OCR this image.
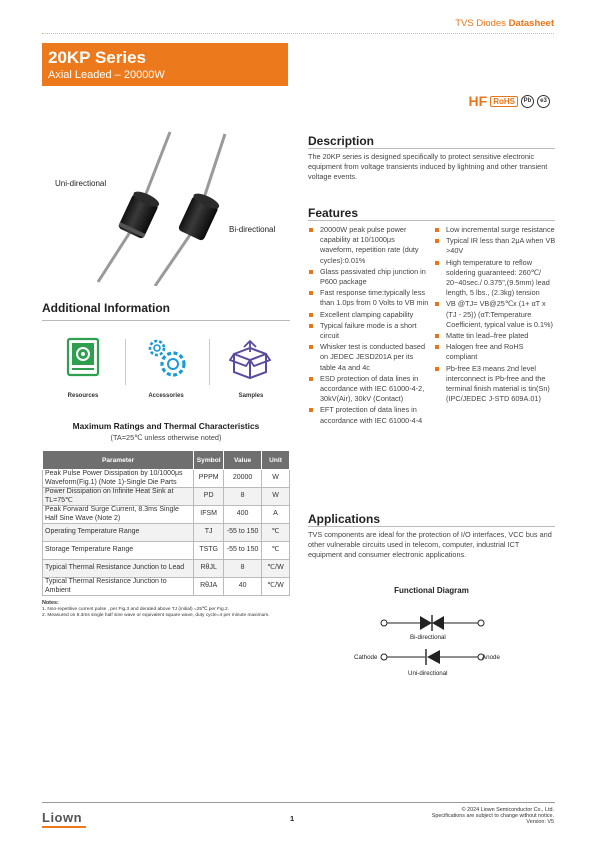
TVS Diodes Datasheet
20KP Series
Axial Leaded – 20000W
HF RoHS	Pb	e3
Uni-directional
Bi-directional
Additional Information
Resources	Accessories	Samples
Maximum Ratings and Thermal Characteristics
(TA=25℃ unless otherwise noted)
Parameter	Symbol	Value	Unit
Peak Pulse Power Dissipation by 10/1000μs Waveform(Fig.1) (Note 1)-Single Die Parts	PPPM	20000	W
Power Dissipation on Infinite Heat Sink at TL=75℃	PD	8	W
Peak Forward Surge Current, 8.3ms Single Half Sine Wave (Note 2)	IFSM	400	A
Operating Temperature Range	TJ	-55 to 150	℃
Storage Temperature Range	TSTG	-55 to 150	℃
Typical Thermal Resistance Junction to Lead	RθJL	8	℃/W
Typical Thermal Resistance Junction to Ambient	RθJA	40	℃/W
Notes:
1. Non-repetitive current pulse , per Fig.3 and derated above TJ (initial) =25℃ per Fig.2.
2. Measured on 8.3ms single half sine wave or equivalent square wave, duty cycle=4 per minute maximum.
Description
The 20KP series is designed specifically to protect sensitive electronic equipment from voltage transients induced by lightning and other transient voltage events.
Features
20000W peak pulse power capability at 10/1000μs waveform, repetition rate (duty cycles):0.01%
Glass passivated chip junction in P600 package
Fast response time:typically less than 1.0ps from 0 Volts to VB min
Excellent clamping capability
Typical failure mode is a short circuit
Whisker test is conducted based on JEDEC JESD201A per its table 4a and 4c
ESD protection of data lines in accordance with IEC 61000-4-2, 30kV(Air), 30kV (Contact)
EFT protection of data lines in accordance with IEC 61000-4-4
Low incremental surge resistance
Typical IR less than 2μA when VB >40V
High temperature to reflow soldering guaranteed: 260℃/ 20~40sec./ 0.375",(9.5mm) lead length, 5 lbs., (2.3kg) tension
VB @TJ= VB@25℃x (1+ αT x (TJ - 25)) (αT:Temperature Coefficient, typical value is 0.1%)
Matte tin lead–free plated
Halogen free and RoHS compliant
Pb-free E3 means 2nd level interconnect is Pb-free and the terminal finish material is tin(Sn) (IPC/JEDEC J-STD 609A.01)
Applications
TVS components are ideal for the protection of I/O interfaces, VCC bus and other vulnerable circuits used in telecom, computer, industrial ICT equipment and consumer electronic applications.
Functional Diagram
Bi-directional
Cathode	Anode
Uni-directional
Liown	1
© 2024 Liown Semiconductor Co., Ltd.
Specifications are subject to change without notice.
Version: V5
